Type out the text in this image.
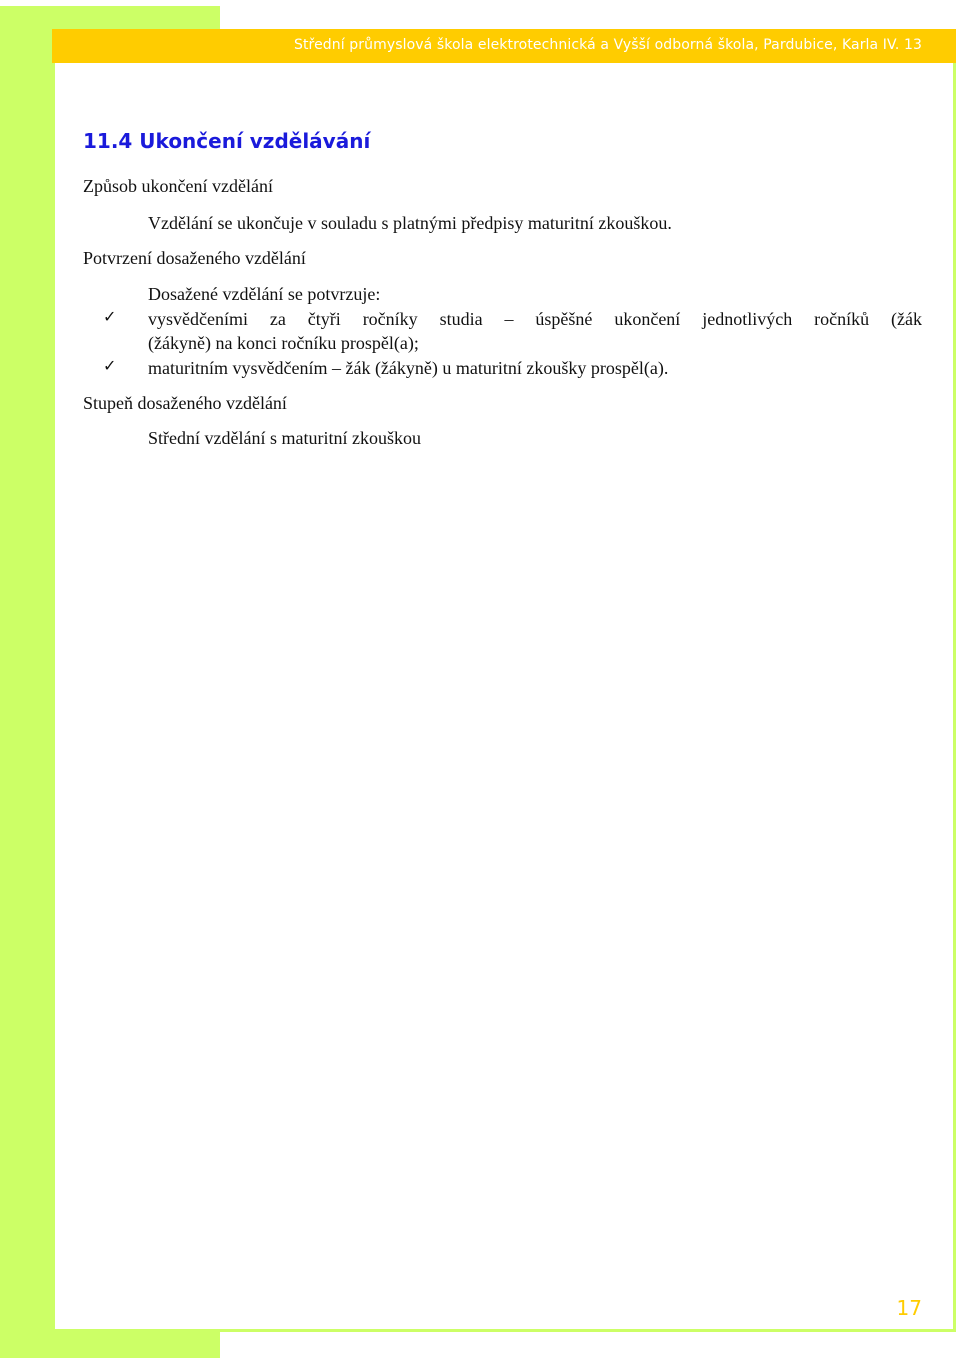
Střední průmyslová škola elektrotechnická a Vyšší odborná škola, Pardubice, Karla IV. 13
11.4 Ukončení vzdělávání
Způsob ukončení vzdělání
Vzdělání se ukončuje v souladu s platnými předpisy maturitní zkouškou.
Potvrzení dosaženého vzdělání
Dosažené vzdělání se potvrzuje:
✓ vysvědčeními za čtyři ročníky studia – úspěšné ukončení jednotlivých ročníků (žák
(žákyně) na konci ročníku prospěl(a);
✓ maturitním vysvědčením – žák (žákyně) u maturitní zkoušky prospěl(a).
Stupeň dosaženého vzdělání
Střední vzdělání s maturitní zkouškou
17
